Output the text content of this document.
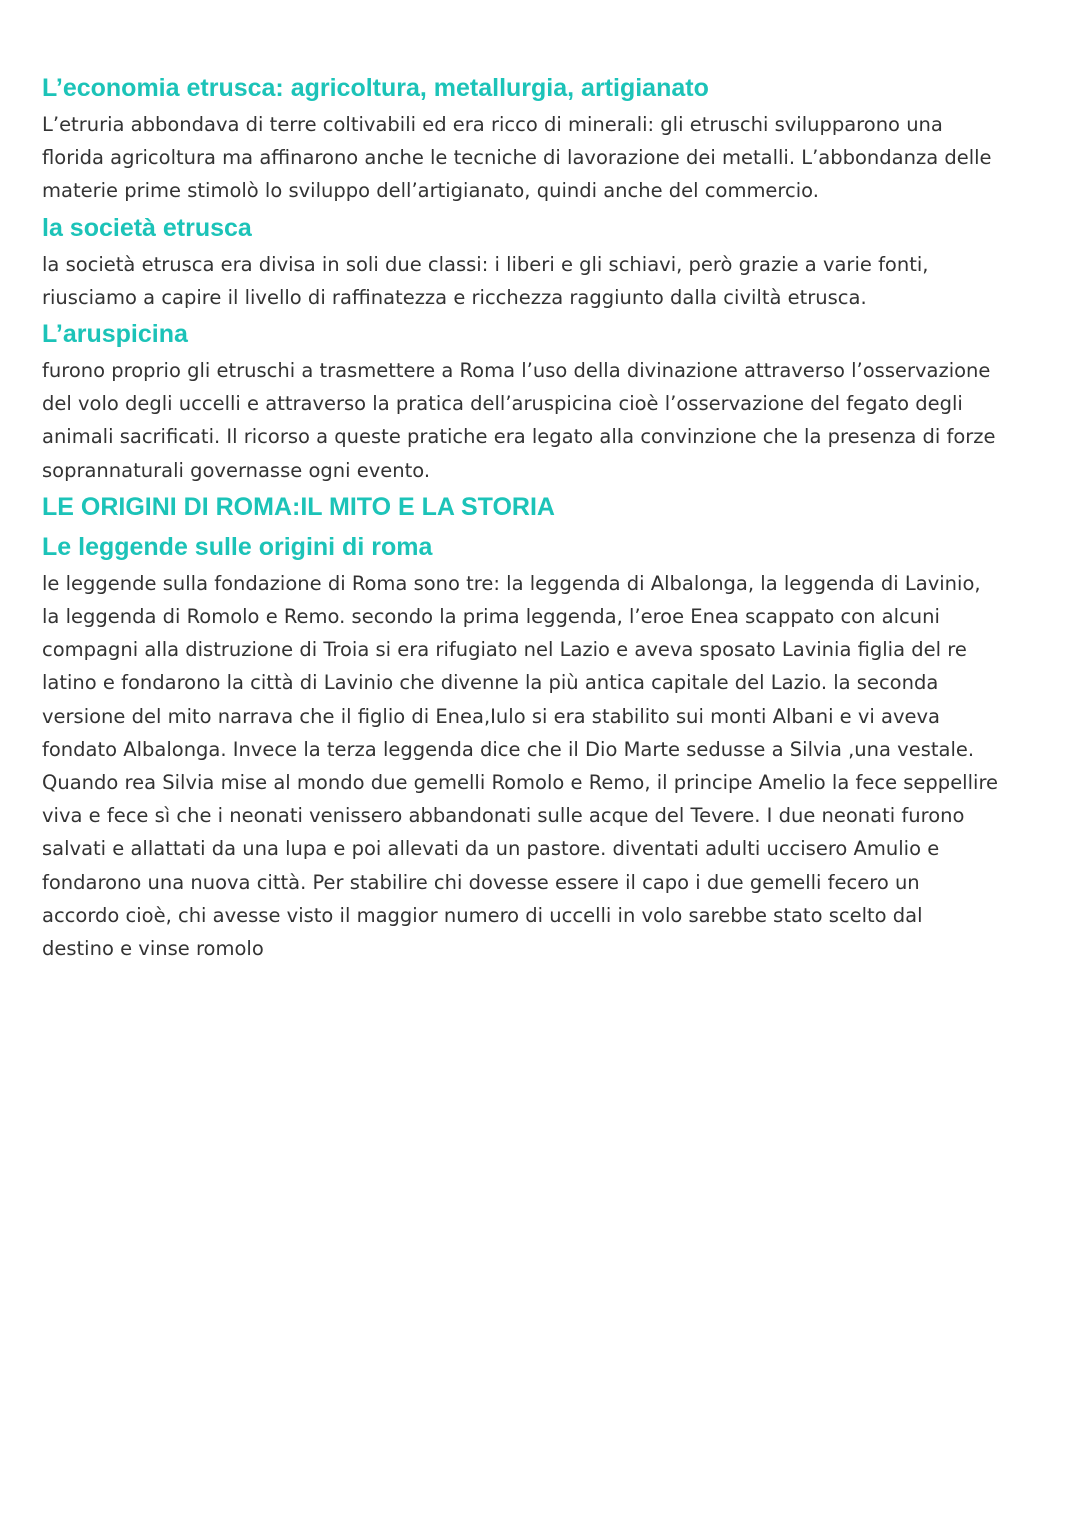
L’economia etrusca: agricoltura, metallurgia, artigianato

L’etruria abbondava di terre coltivabili ed era ricco di minerali: gli etruschi svilupparono una
florida agricoltura ma affinarono anche le tecniche di lavorazione dei metalli. L’abbondanza delle
materie prime stimolò lo sviluppo dell’artigianato, quindi anche del commercio.

la società etrusca

la società etrusca era divisa in soli due classi: i liberi e gli schiavi, però grazie a varie fonti,
riusciamo a capire il livello di raffinatezza e ricchezza raggiunto dalla civiltà etrusca.

L’aruspicina

furono proprio gli etruschi a trasmettere a Roma l’uso della divinazione attraverso l’osservazione
del volo degli uccelli e attraverso la pratica dell’aruspicina cioè l’osservazione del fegato degli
animali sacrificati. Il ricorso a queste pratiche era legato alla convinzione che la presenza di forze
soprannaturali governasse ogni evento.

LE ORIGINI DI ROMA:IL MITO E LA STORIA
Le leggende sulle origini di roma

le leggende sulla fondazione di Roma sono tre: la leggenda di Albalonga, la leggenda di Lavinio,
la leggenda di Romolo e Remo. secondo la prima leggenda, l’eroe Enea scappato con alcuni
compagni alla distruzione di Troia si era rifugiato nel Lazio e aveva sposato Lavinia figlia del re
latino e fondarono la città di Lavinio che divenne la più antica capitale del Lazio. la seconda
versione del mito narrava che il figlio di Enea,Iulo si era stabilito sui monti Albani e vi aveva
fondato Albalonga. Invece la terza leggenda dice che il Dio Marte sedusse a Silvia ,una vestale.
Quando rea Silvia mise al mondo due gemelli Romolo e Remo, il principe Amelio la fece seppellire
viva e fece sì che i neonati venissero abbandonati sulle acque del Tevere. I due neonati furono
salvati e allattati da una lupa e poi allevati da un pastore. diventati adulti uccisero Amulio e
fondarono una nuova città. Per stabilire chi dovesse essere il capo i due gemelli fecero un
accordo cioè, chi avesse visto il maggior numero di uccelli in volo sarebbe stato scelto dal
destino e vinse romolo
